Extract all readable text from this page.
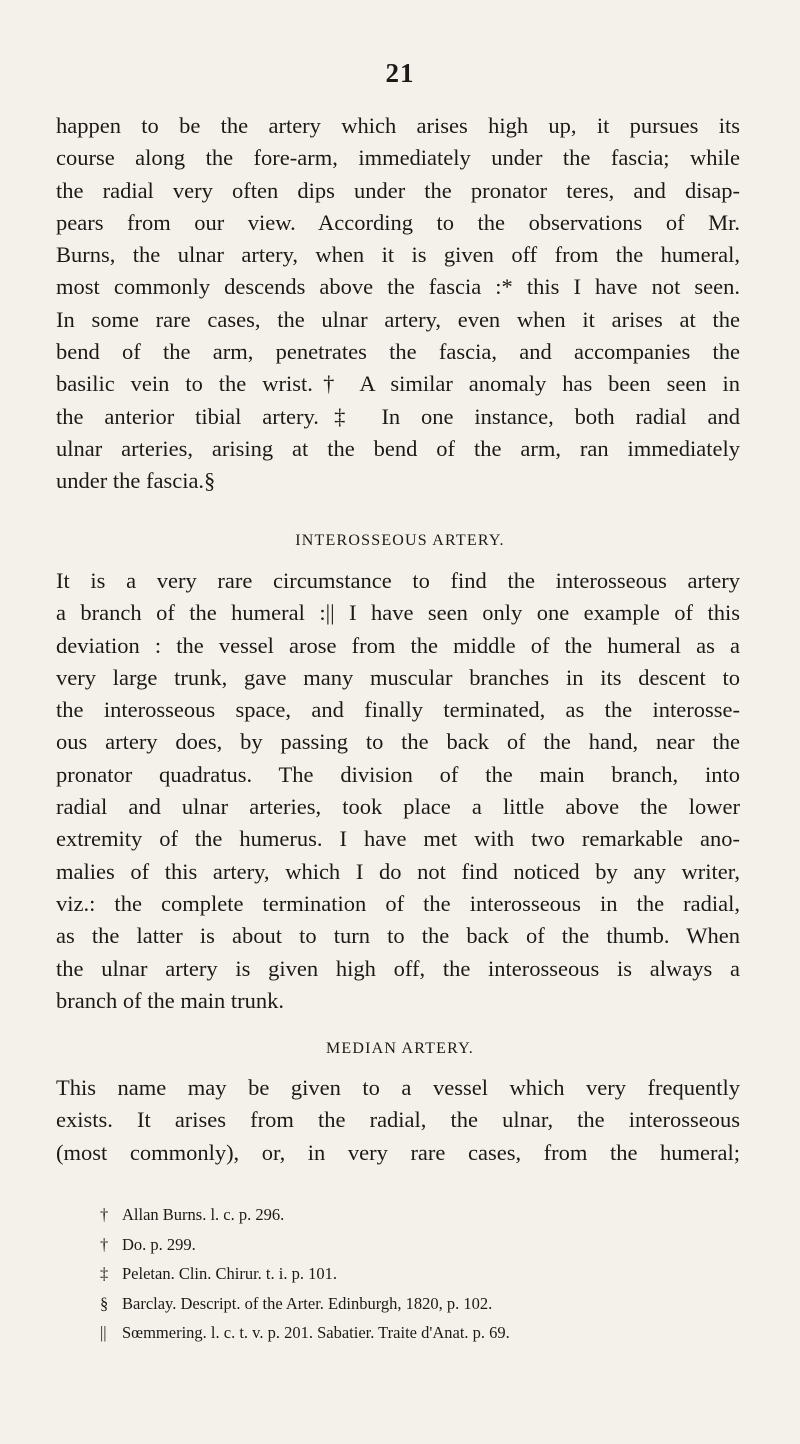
21
happen to be the artery which arises high up, it pursues its
course along the fore-arm, immediately under the fascia; while
the radial very often dips under the pronator teres, and disap-
pears from our view. According to the observations of Mr.
Burns, the ulnar artery, when it is given off from the humeral,
most commonly descends above the fascia :* this I have not seen.
In some rare cases, the ulnar artery, even when it arises at the
bend of the arm, penetrates the fascia, and accompanies the
basilic vein to the wrist.† A similar anomaly has been seen in
the anterior tibial artery.‡ In one instance, both radial and
ulnar arteries, arising at the bend of the arm, ran immediately
under the fascia.§
INTEROSSEOUS ARTERY.
It is a very rare circumstance to find the interosseous artery
a branch of the humeral :|| I have seen only one example of this
deviation : the vessel arose from the middle of the humeral as a
very large trunk, gave many muscular branches in its descent to
the interosseous space, and finally terminated, as the interosse-
ous artery does, by passing to the back of the hand, near the
pronator quadratus. The division of the main branch, into
radial and ulnar arteries, took place a little above the lower
extremity of the humerus. I have met with two remarkable ano-
malies of this artery, which I do not find noticed by any writer,
viz.: the complete termination of the interosseous in the radial,
as the latter is about to turn to the back of the thumb. When
the ulnar artery is given high off, the interosseous is always a
branch of the main trunk.
MEDIAN ARTERY.
This name may be given to a vessel which very frequently
exists. It arises from the radial, the ulnar, the interosseous
(most commonly), or, in very rare cases, from the humeral;
† Allan Burns. l. c. p. 296.
† Do. p. 299.
‡ Peletan. Clin. Chirur. t. i. p. 101.
§ Barclay. Descript. of the Arter. Edinburgh, 1820, p. 102.
|| Sœmmering. l. c. t. v. p. 201. Sabatier. Traite d'Anat. p. 69.
